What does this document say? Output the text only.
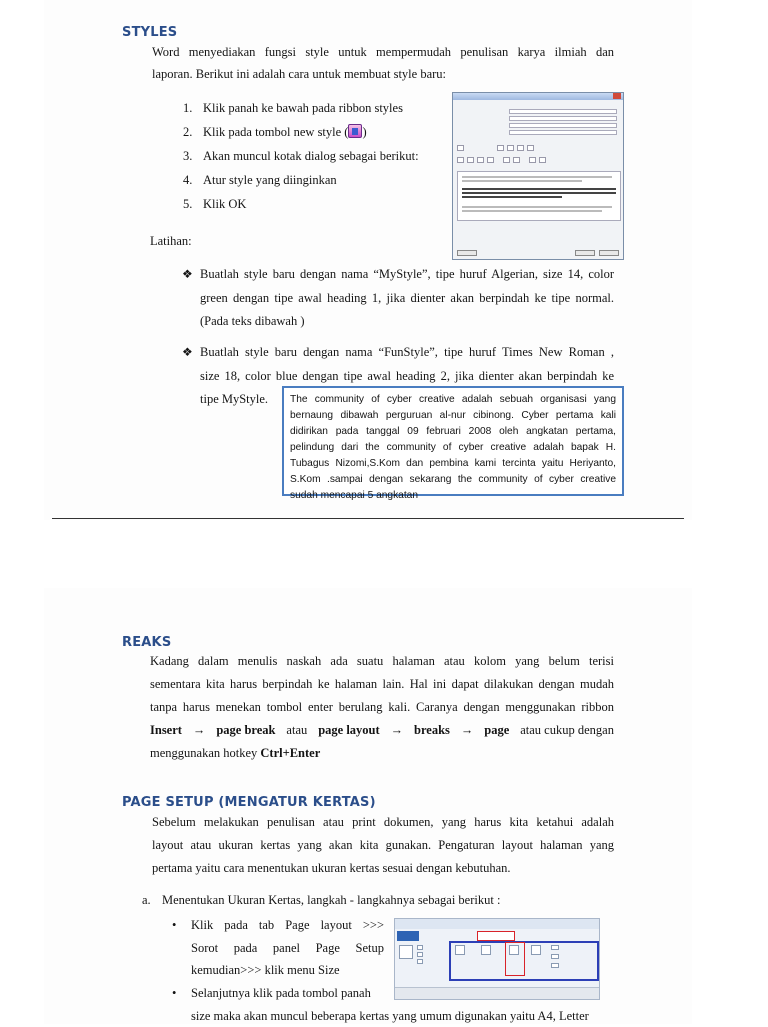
STYLES

Word menyediakan fungsi style untuk mempermudah penulisan karya ilmiah dan

laporan. Berikut ini adalah cara untuk membuat style baru:

1. Klik panah ke bawah pada ribbon styles
2. Klik pada tombol new style ( )
3. Akan muncul kotak dialog sebagai berikut:
4. Atur style yang diinginkan
5. Klik OK

Latihan:

❖ Buatlah style baru dengan nama “MyStyle”, tipe huruf Algerian, size 14, color
green dengan tipe awal heading 1, jika dienter akan berpindah ke tipe normal.
(Pada teks dibawah )
❖ Buatlah style baru dengan nama “FunStyle”, tipe huruf Times New Roman ,
size 18, color blue dengan tipe awal heading 2, jika dienter akan berpindah ke
tipe MyStyle.	The community of cyber creative adalah sebuah organisasi yang bernaung dibawah perguruan al-nur cibinong. Cyber pertama kali didirikan pada tanggal 09 februari 2008 oleh angkatan pertama, pelindung dari the community of cyber creative adalah bapak H. Tubagus Nizomi,S.Kom dan pembina kami tercinta yaitu Heriyanto, S.Kom .sampai dengan sekarang the community of cyber creative sudah mencapai 5 angkatan
REAKS

Kadang dalam menulis naskah ada suatu halaman atau kolom yang belum terisi

sementara kita harus berpindah ke halaman lain. Hal ini dapat dilakukan dengan mudah

tanpa harus menekan tombol enter berulang kali. Caranya dengan menggunakan ribbon

Insert → page break atau page layout → breaks → page atau cukup dengan

menggunakan hotkey Ctrl+Enter

PAGE SETUP (MENGATUR KERTAS)

Sebelum melakukan penulisan atau print dokumen, yang harus kita ketahui adalah

layout atau ukuran kertas yang akan kita gunakan. Pengaturan layout halaman yang

pertama yaitu cara menentukan ukuran kertas sesuai dengan kebutuhan.

a. Menentukan Ukuran Kertas, langkah - langkahnya sebagai berikut :

•	Klik pada tab Page layout >>>
Sorot pada panel Page Setup
kemudian>>> klik menu Size
•	Selanjutnya klik pada tombol panah
size maka akan muncul beberapa kertas yang umum digunakan yaitu A4, Letter
